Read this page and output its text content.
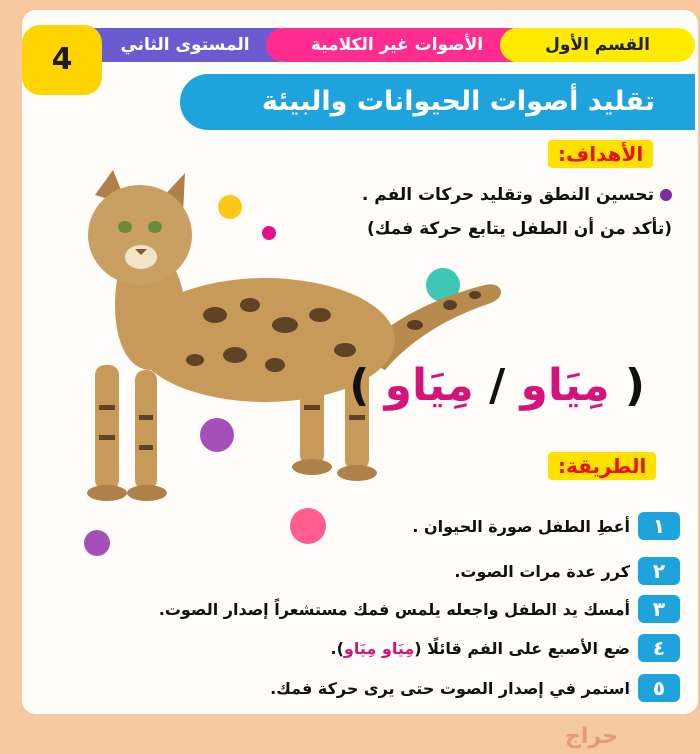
المستوى الثاني	الأصوات غير الكلامية	القسم الأول
4
تقليد أصوات الحيوانات والبيئة
الأهداف:
تحسين النطق وتقليد حركات الفم .
(تأكد من أن الطفل يتابع حركة فمك)
( مِيَاو / مِيَاو )
الطريقة:
١
أعطِ الطفل صورة الحيوان .
٢
كرر عدة مرات الصوت.
٣
أمسك يد الطفل واجعله يلمس فمك مستشعراً إصدار الصوت.
٤
ضع الأصبع على الفم قائلًا (مِيَاو مِيَاو).
٥
استمر في إصدار الصوت حتى يرى حركة فمك.
حراج
